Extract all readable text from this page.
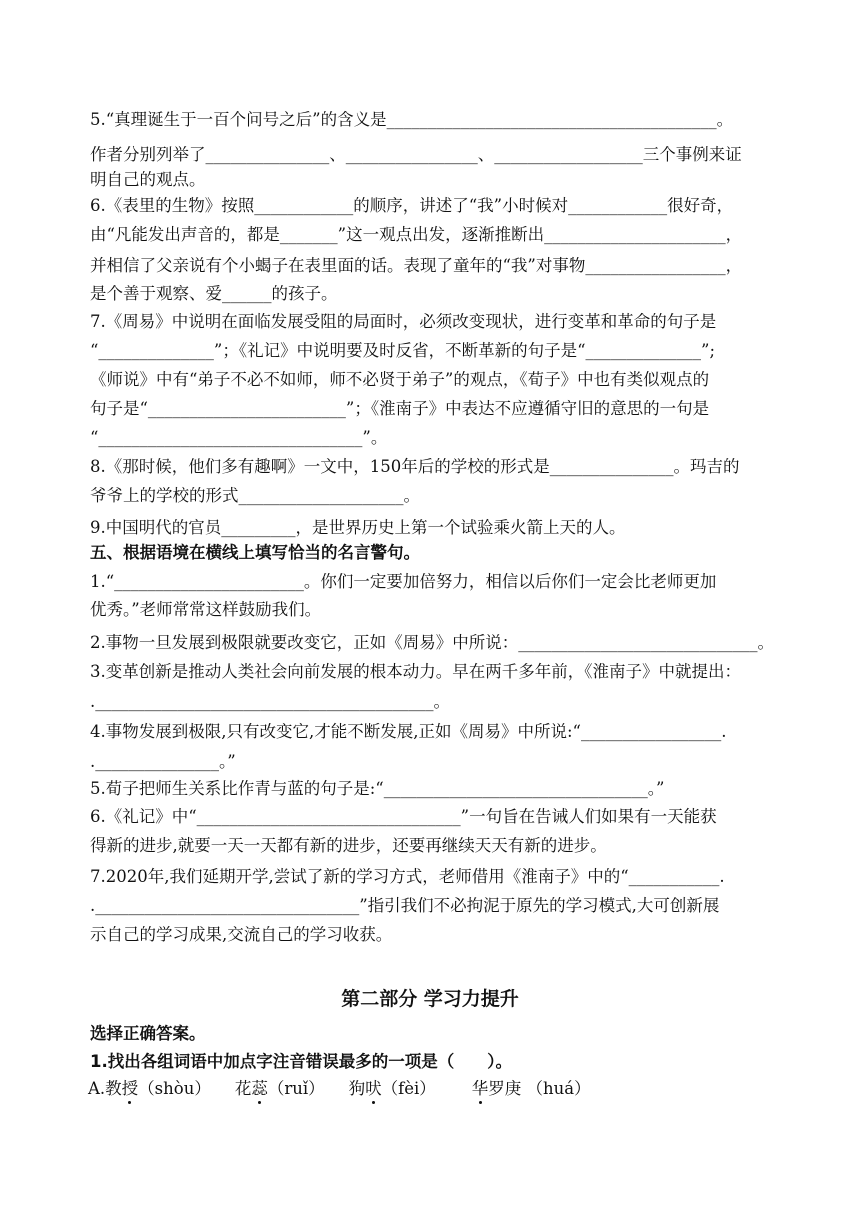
5.“真理诞生于一百个问号之后”的含义是________________________________________。
作者分别列举了_______________、________________、__________________三个事例来证
明自己的观点。
6.《表里的生物》按照____________的顺序，讲述了“我”小时候对____________很好奇，
由“凡能发出声音的，都是_______”这一观点出发，逐渐推断出______________________，
并相信了父亲说有个小蝎子在表里面的话。表现了童年的“我”对事物_________________，
是个善于观察、爱______的孩子。
7.《周易》中说明在面临发展受阻的局面时，必须改变现状，进行变革和革命的句子是
“______________”；《礼记》中说明要及时反省，不断革新的句子是“______________”;
《师说》中有“弟子不必不如师，师不必贤于弟子”的观点，《荀子》中也有类似观点的
句子是“________________________”；《淮南子》中表达不应遵循守旧的意思的一句是
“________________________________”。
8.《那时候，他们多有趣啊》一文中，150年后的学校的形式是_______________。玛吉的
爷爷上的学校的形式____________________。
9.中国明代的官员_________，是世界历史上第一个试验乘火箭上天的人。
五、根据语境在横线上填写恰当的名言警句。
1.“_______________________。你们一定要加倍努力，相信以后你们一定会比老师更加
优秀。”老师常常这样鼓励我们。
2.事物一旦发展到极限就要改变它，正如《周易》中所说：_____________________________。
3.变革创新是推动人类社会向前发展的根本动力。早在两千多年前，《淮南子》中就提出：
._________________________________________。
4.事物发展到极限,只有改变它,才能不断发展,正如《周易》中所说:“_________________.
._______________。”
5.荀子把师生关系比作青与蓝的句子是:“________________________________。”
6.《礼记》中“________________________________”一句旨在告诫人们如果有一天能获
得新的进步,就要一天一天都有新的进步，还要再继续天天有新的进步。
7.2020年,我们延期开学,尝试了新的学习方式，老师借用《淮南子》中的“___________.
.________________________________”指引我们不必拘泥于原先的学习模式,大可创新展
示自己的学习成果,交流自己的学习收获。
第二部分 学习力提升
选择正确答案。
1.找出各组词语中加点字注音错误最多的一项是（　　）。
A.教授（shòu） 花蕊（ruǐ） 狗吠（fèi） 华罗庚 （huá）
